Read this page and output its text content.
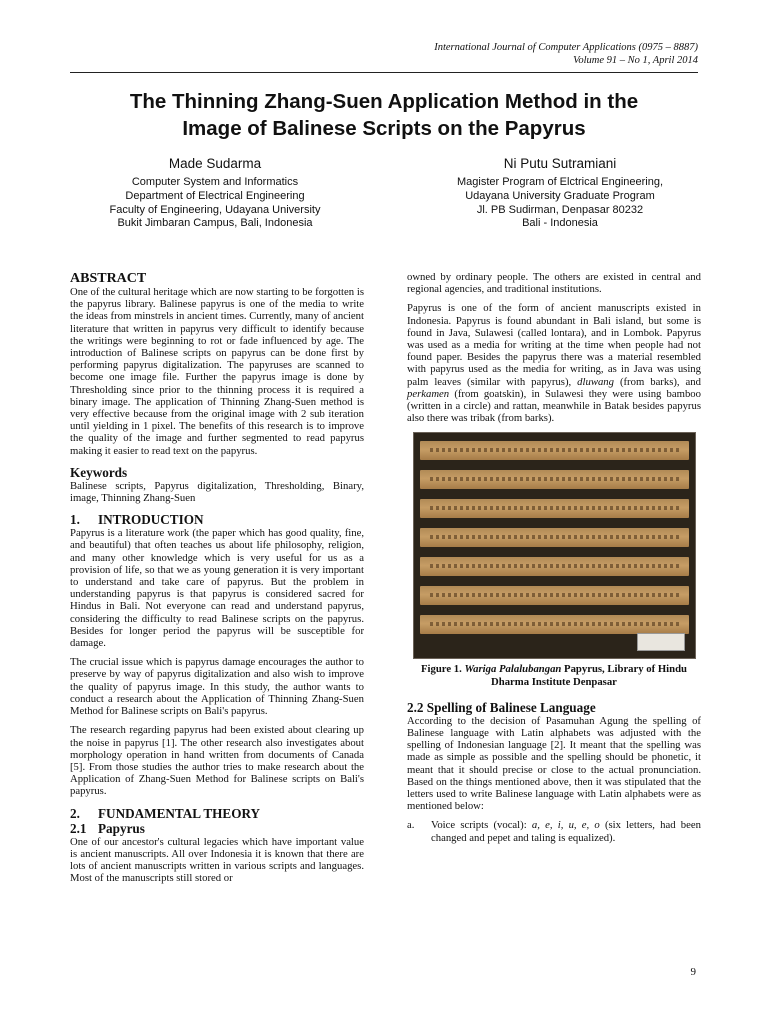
International Journal of Computer Applications (0975 – 8887)
Volume 91 – No 1, April 2014
The Thinning Zhang-Suen Application Method in the
Image of Balinese Scripts on the Papyrus
Made Sudarma
Computer System and Informatics
Department of Electrical Engineering
Faculty of Engineering, Udayana University
Bukit Jimbaran Campus, Bali, Indonesia
Ni Putu Sutramiani
Magister Program of Elctrical Engineering,
Udayana University Graduate Program
Jl. PB Sudirman, Denpasar 80232
Bali - Indonesia
ABSTRACT

One of the cultural heritage which are now starting to be forgotten is the papyrus library. Balinese papyrus is one of the media to write the ideas from minstrels in ancient times. Currently, many of ancient literature that written in papyrus very difficult to identify because the writings were beginning to rot or fade influenced by age. The introduction of Balinese scripts on papyrus can be done first by performing papyrus digitalization. The papyruses are scanned to become one image file. Further the papyrus image is done by Thresholding since prior to the thinning process it is required a binary image. The application of Thinning Zhang-Suen method is very effective because from the original image with 2 sub iteration until yielding in 1 pixel. The benefits of this research is to improve the quality of the image and further segmented to read papyrus making it easier to read text on the papyrus.

Keywords

Balinese scripts, Papyrus digitalization, Thresholding, Binary, image, Thinning Zhang-Suen

1. INTRODUCTION

Papyrus is a literature work (the paper which has good quality, fine, and beautiful) that often teaches us about life philosophy, religion, and many other knowledge which is very useful for us as a provision of life, so that we as young generation it is very important to understand and take care of papyrus. But the problem in understanding papyrus is that papyrus is considered sacred for Hindus in Bali. Not everyone can read and understand papyrus, considering the difficulty to read Balinese scripts on the papyrus. Besides for longer period the papyrus will be susceptible for damage.

The crucial issue which is papyrus damage encourages the author to preserve by way of papyrus digitalization and also wish to improve the quality of papyrus image. In this study, the author wants to conduct a research about the Application of Thinning Zhang-Suen Method for Balinese scripts on Bali's papyrus.

The research regarding papyrus had been existed about clearing up the noise in papyrus [1]. The other research also investigates about morphology operation in hand written from documents of Canada [5]. From those studies the author tries to make research about the Application of Zhang-Suen Method for Balinese scripts on Bali's papyrus.

2. FUNDAMENTAL THEORY
2.1 Papyrus

One of our ancestor's cultural legacies which have important value is ancient manuscripts. All over Indonesia it is known that there are lots of ancient manuscripts written in various scripts and languages. Most of the manuscripts still stored or

owned by ordinary people. The others are existed in central and regional agencies, and traditional institutions.

Papyrus is one of the form of ancient manuscripts existed in Indonesia. Papyrus is found abundant in Bali island, but some is found in Java, Sulawesi (called lontara), and in Lombok. Papyrus was used as a media for writing at the time when people had not found paper. Besides the papyrus there was a material resembled with papyrus used as the media for writing, as in Java was using palm leaves (similar with papyrus), dluwang (from barks), and perkamen (from goatskin), in Sulawesi they were using bamboo (written in a circle) and rattan, meanwhile in Batak besides papyrus also there was tribak (from barks).

Figure 1. Wariga Palalubangan Papyrus, Library of Hindu Dharma Institute Denpasar
2.2 Spelling of Balinese Language

According to the decision of Pasamuhan Agung the spelling of Balinese language with Latin alphabets was adjusted with the spelling of Indonesian language [2]. It meant that the spelling was made as simple as possible and the spelling should be phonetic, it meant that it should precise or close to the actual pronunciation. Based on the things mentioned above, then it was stipulated that the letters used to write Balinese language with Latin alphabets were as mentioned below:

a.	Voice scripts (vocal): a, e, i, u, e, o (six letters, had been changed and pepet and taling is equalized).
9
